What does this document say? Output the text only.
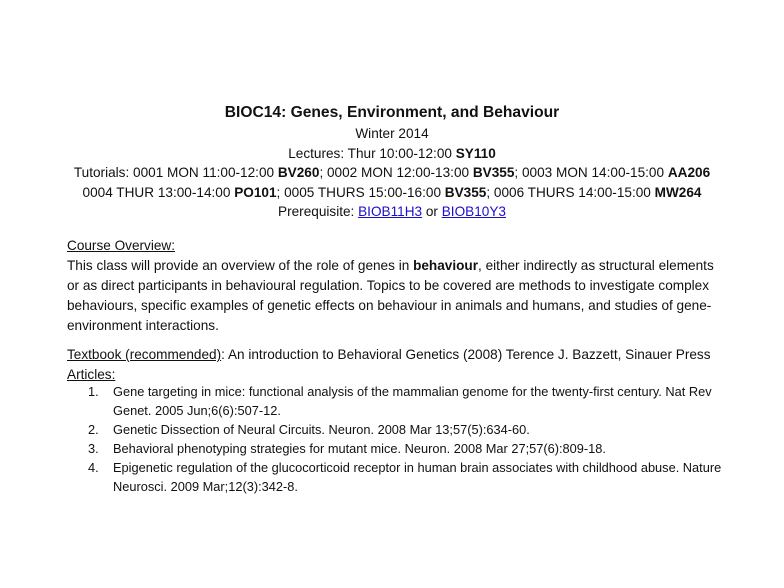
BIOC14: Genes, Environment, and Behaviour
Winter 2014
Lectures: Thur 10:00-12:00 SY110
Tutorials: 0001 MON 11:00-12:00 BV260; 0002 MON 12:00-13:00 BV355; 0003 MON 14:00-15:00 AA206
0004 THUR 13:00-14:00 PO101; 0005 THURS 15:00-16:00 BV355; 0006 THURS 14:00-15:00 MW264
Prerequisite: BIOB11H3 or BIOB10Y3
Course Overview:

This class will provide an overview of the role of genes in behaviour, either indirectly as structural elements or as direct participants in behavioural regulation. Topics to be covered are methods to investigate complex behaviours, specific examples of genetic effects on behaviour in animals and humans, and studies of gene-environment interactions.

Textbook (recommended): An introduction to Behavioral Genetics (2008) Terence J. Bazzett, Sinauer Press
Articles:
1. Gene targeting in mice: functional analysis of the mammalian genome for the twenty-first century. Nat Rev Genet. 2005 Jun;6(6):507-12.
2. Genetic Dissection of Neural Circuits. Neuron. 2008 Mar 13;57(5):634-60.
3. Behavioral phenotyping strategies for mutant mice. Neuron. 2008 Mar 27;57(6):809-18.
4. Epigenetic regulation of the glucocorticoid receptor in human brain associates with childhood abuse. Nature Neurosci. 2009 Mar;12(3):342-8.
